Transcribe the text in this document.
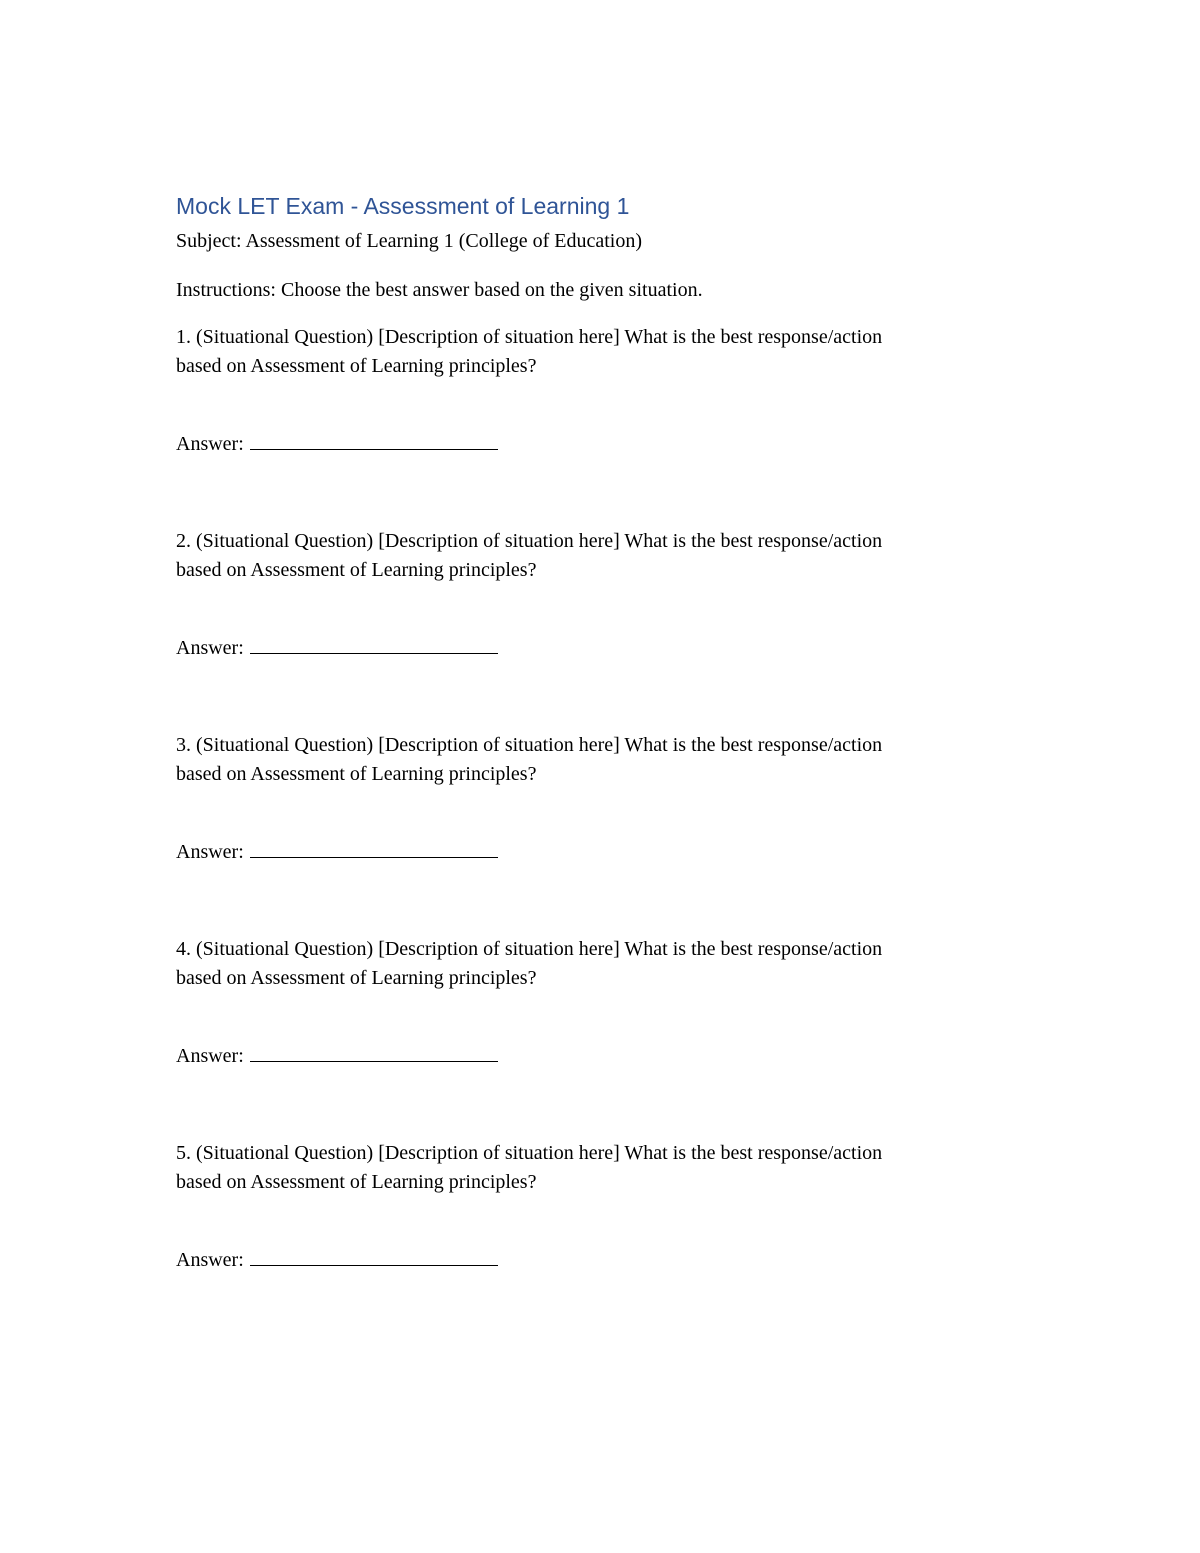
Mock LET Exam - Assessment of Learning 1

Subject: Assessment of Learning 1 (College of Education)

Instructions: Choose the best answer based on the given situation.

1. (Situational Question) [Description of situation here] What is the best response/action

based on Assessment of Learning principles?

Answer:

2. (Situational Question) [Description of situation here] What is the best response/action

based on Assessment of Learning principles?

Answer:

3. (Situational Question) [Description of situation here] What is the best response/action

based on Assessment of Learning principles?

Answer:

4. (Situational Question) [Description of situation here] What is the best response/action

based on Assessment of Learning principles?

Answer:

5. (Situational Question) [Description of situation here] What is the best response/action

based on Assessment of Learning principles?

Answer:
